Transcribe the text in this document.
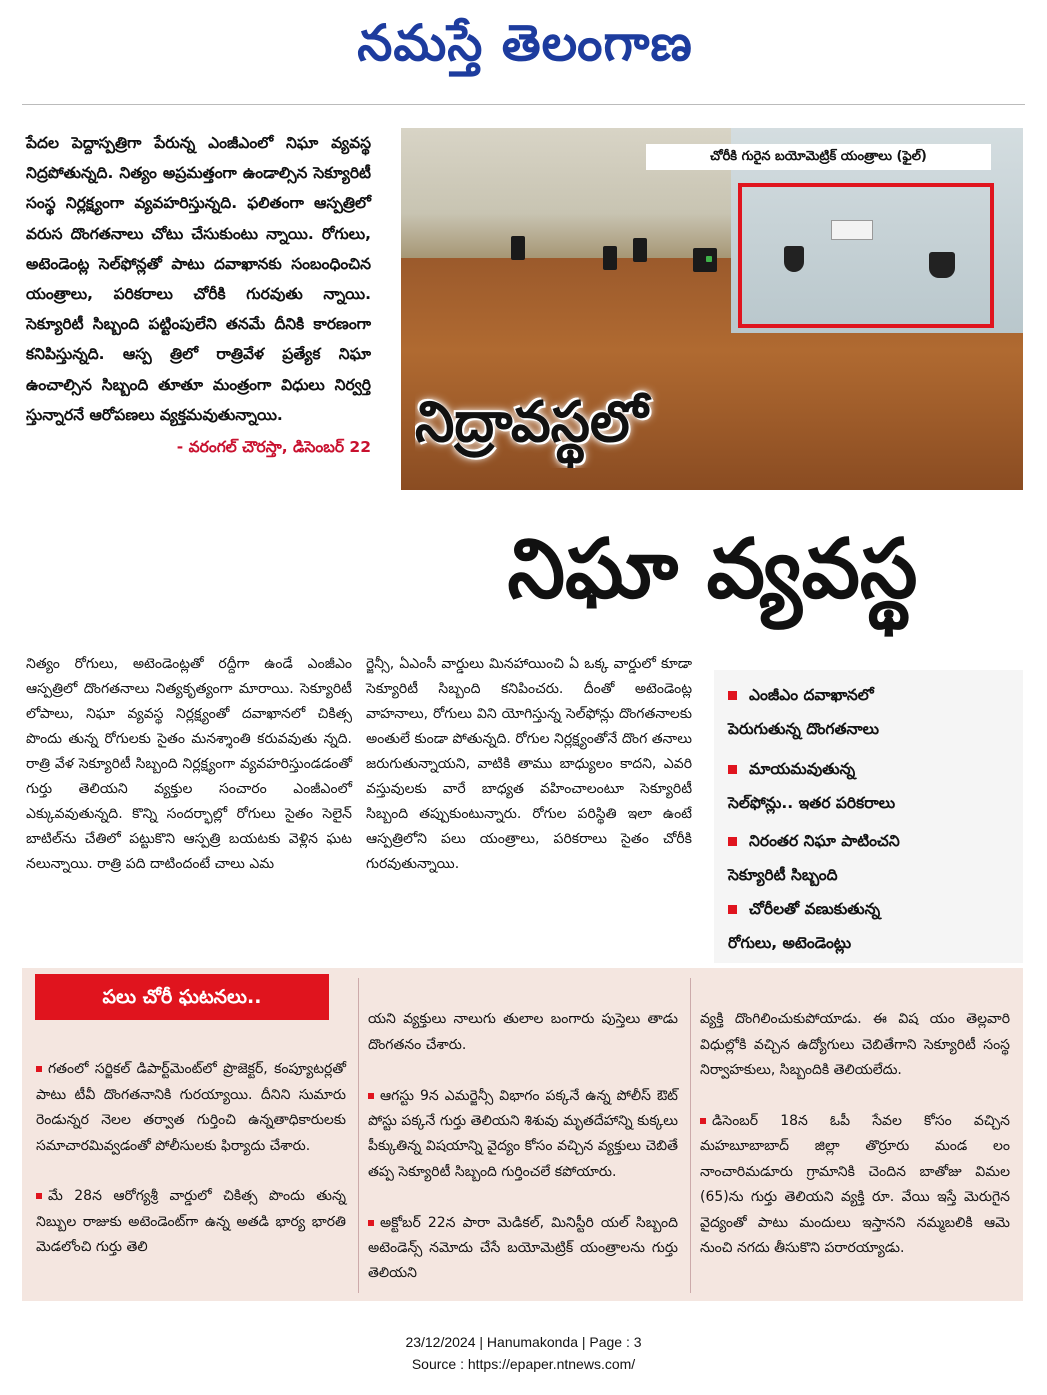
నమస్తే తెలంగాణ
పేదల పెద్దాస్పత్రిగా పేరున్న ఎంజీఎంలో నిఘా వ్యవస్థ నిద్రపోతున్నది. నిత్యం అప్రమత్తంగా ఉండాల్సిన సెక్యూరిటీ సంస్థ నిర్లక్ష్యంగా వ్యవహరిస్తున్నది. ఫలితంగా ఆస్పత్రిలో వరుస దొంగతనాలు చోటు చేసుకుంటు న్నాయి. రోగులు, అటెండెంట్ల సెల్‌ఫోన్లతో పాటు దవాఖానకు సంబంధించిన యంత్రాలు, పరికరాలు చోరీకి గురవుతు న్నాయి. సెక్యూరిటీ సిబ్బంది పట్టింపులేని తనమే దీనికి కారణంగా కనిపిస్తున్నది. ఆస్ప త్రిలో రాత్రివేళ ప్రత్యేక నిఘా ఉంచాల్సిన సిబ్బంది తూతూ మంత్రంగా విధులు నిర్వర్తి స్తున్నారనే ఆరోపణలు వ్యక్తమవుతున్నాయి.
- వరంగల్‌ చౌరస్తా, డిసెంబర్‌ 22
చోరీకి గురైన బయోమెట్రిక్‌ యంత్రాలు (ఫైల్‌)
నిద్రావస్థలో
నిఘా వ్యవస్థ
నిత్యం రోగులు, అటెండెంట్లతో రద్దీగా ఉండే ఎంజీఎం ఆస్పత్రిలో దొంగతనాలు నిత్యకృత్యంగా మారాయి. సెక్యూరిటీ లోపాలు, నిఘా వ్యవస్థ నిర్లక్ష్యంతో దవాఖానలో చికిత్స పొందు తున్న రోగులకు సైతం మనశ్శాంతి కరువవుతు న్నది. రాత్రి వేళ సెక్యూరిటీ సిబ్బంది నిర్లక్ష్యంగా వ్యవహరిస్తుండడంతో గుర్తు తెలియని వ్యక్తుల సంచారం ఎంజీఎంలో ఎక్కువవుతున్నది. కొన్ని సందర్భాల్లో రోగులు సైతం సెలైన్‌ బాటిల్‌ను చేతిలో పట్టుకొని ఆస్పత్రి బయటకు వెళ్లిన ఘట నలున్నాయి. రాత్రి పది దాటిందంటే చాలు ఎమ
ర్జెన్సీ, ఏఎంసీ వార్డులు మినహాయించి ఏ ఒక్క వార్డులో కూడా సెక్యూరిటీ సిబ్బంది కనిపించరు. దీంతో అటెండెంట్ల వాహనాలు, రోగులు విని యోగిస్తున్న సెల్‌ఫోన్లు దొంగతనాలకు అంతులే కుండా పోతున్నది. రోగుల నిర్లక్ష్యంతోనే దొంగ తనాలు జరుగుతున్నాయని, వాటికి తాము బాధ్యులం కాదని, ఎవరి వస్తువులకు వారే బాధ్యత వహించాలంటూ సెక్యూరిటీ సిబ్బంది తప్పుకుంటున్నారు. రోగుల పరిస్థితి ఇలా ఉంటే ఆస్పత్రిలోని పలు యంత్రాలు, పరికరాలు సైతం చోరీకి గురవుతున్నాయి.
ఎంజీఎం దవాఖానలో
పెరుగుతున్న దొంగతనాలు
మాయమవుతున్న
సెల్‌ఫోన్లు.. ఇతర పరికరాలు
నిరంతర నిఘా పాటించని
సెక్యూరిటీ సిబ్బంది
చోరీలతో వణుకుతున్న
రోగులు, అటెండెంట్లు
పలు చోరీ ఘటనలు..

గతంలో సర్జికల్‌ డిపార్ట్‌మెంట్‌లో ప్రొజెక్టర్‌, కంప్యూటర్లతో పాటు టీవీ దొంగతనానికి గురయ్యాయి. దీనిని సుమారు రెండున్నర నెలల తర్వాత గుర్తించి ఉన్నతాధికారులకు సమాచారమివ్వడంతో పోలీసులకు ఫిర్యాదు చేశారు.

మే 28న ఆరోగ్యశ్రీ వార్డులో చికిత్స పొందు తున్న నిబ్బుల రాజుకు అటెండెంట్‌గా ఉన్న అతడి భార్య భారతి మెడలోంచి గుర్తు తెలి

యని వ్యక్తులు నాలుగు తులాల బంగారు పుస్తెలు తాడు దొంగతనం చేశారు.

ఆగస్టు 9న ఎమర్జెన్సీ విభాగం పక్కనే ఉన్న పోలీస్‌ ఔట్‌ పోస్టు పక్కనే గుర్తు తెలియని శిశువు మృతదేహాన్ని కుక్కలు పీక్కుతిన్న విషయాన్ని వైద్యం కోసం వచ్చిన వ్యక్తులు చెబితే తప్ప సెక్యూరిటీ సిబ్బంది గుర్తించలే కపోయారు.

అక్టోబర్‌ 22న పారా మెడికల్‌, మినిస్టీరి యల్‌ సిబ్బంది అటెండెన్స్‌ నమోదు చేసే బయోమెట్రిక్‌ యంత్రాలను గుర్తు తెలియని

వ్యక్తి దొంగిలించుకుపోయాడు. ఈ విష యం తెల్లవారి విధుల్లోకి వచ్చిన ఉద్యోగులు చెబితేగాని సెక్యూరిటీ సంస్థ నిర్వాహకులు, సిబ్బందికి తెలియలేదు.

డిసెంబర్‌ 18న ఓపీ సేవల కోసం వచ్చిన మహబూబాబాద్‌ జిల్లా తొర్రూరు మండ లం నాంచారిమడూరు గ్రామానికి చెందిన బాతోజు విమల (65)ను గుర్తు తెలియని వ్యక్తి రూ. వేయి ఇస్తే మెరుగైన వైద్యంతో పాటు మందులు ఇస్తానని నమ్మబలికి ఆమె నుంచి నగదు తీసుకొని పరారయ్యాడు.

23/12/2024 | Hanumakonda | Page : 3
Source : https://epaper.ntnews.com/
